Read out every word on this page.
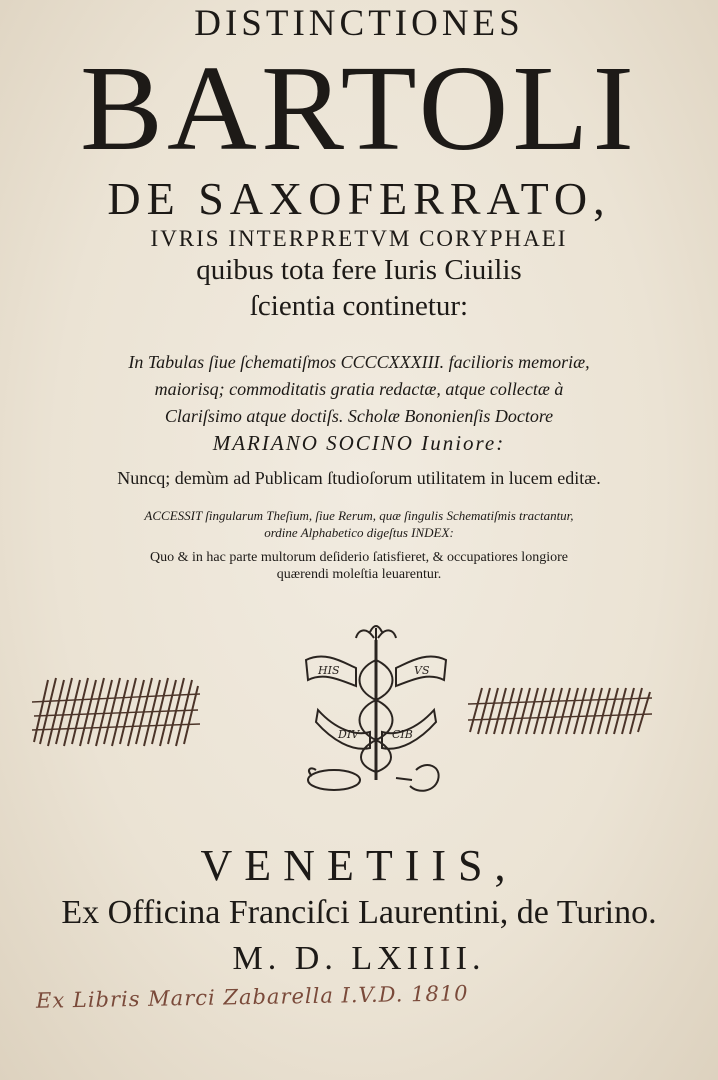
DISTINCTIONES
BARTOLI
DE SAXOFERRATO,
IVRIS INTERPRETVM CORYPHAEI
quibus tota fere Iuris Ciuilis
ſcientia continetur:
In Tabulas ſiue ſchematiſmos CCCCXXXIII. facilioris memoriæ,
maiorisq; commoditatis gratia redactæ, atque collectæ à
Clariſsimo atque doctiſs. Scholæ Bononienſis Doctore
MARIANO SOCINO Iuniore:
Nuncq; demùm ad Publicam ſtudioſorum utilitatem in lucem editæ.
ACCESSIT ſingularum Theſium, ſiue Rerum, quæ ſingulis Schematiſmis tractantur,
ordine Alphabetico digeſtus INDEX:
Quo & in hac parte multorum deſiderio ſatisfieret, & occupatiores longiore
quærendi moleſtia leuarentur.
HIS	VS
DIV	CIB
VENETIIS,
Ex Officina Franciſci Laurentini, de Turino.
M. D. LXIIII.
Ex Libris Marci Zabarella I.V.D. 1810
